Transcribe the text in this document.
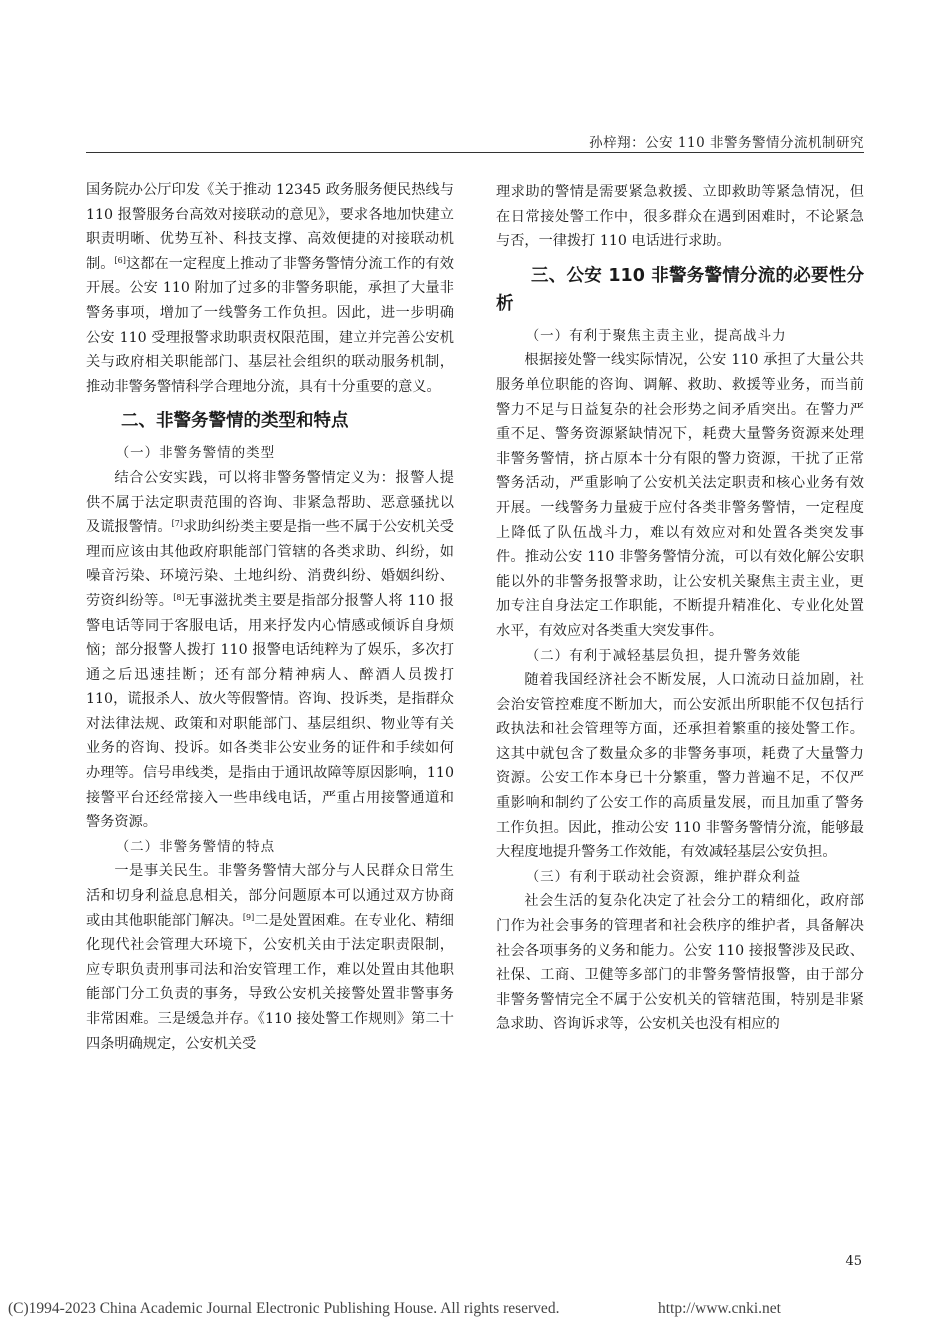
孙梓翔：公安 110 非警务警情分流机制研究

国务院办公厅印发《关于推动 12345 政务服务便民热线与 110 报警服务台高效对接联动的意见》，要求各地加快建立职责明晰、优势互补、科技支撑、高效便捷的对接联动机制。[6]这都在一定程度上推动了非警务警情分流工作的有效开展。公安 110 附加了过多的非警务职能，承担了大量非警务事项，增加了一线警务工作负担。因此，进一步明确公安 110 受理报警求助职责权限范围，建立并完善公安机关与政府相关职能部门、基层社会组织的联动服务机制，推动非警务警情科学合理地分流，具有十分重要的意义。

二、非警务警情的类型和特点
（一）非警务警情的类型

结合公安实践，可以将非警务警情定义为：报警人提供不属于法定职责范围的咨询、非紧急帮助、恶意骚扰以及谎报警情。[7]求助纠纷类主要是指一些不属于公安机关受理而应该由其他政府职能部门管辖的各类求助、纠纷，如噪音污染、环境污染、土地纠纷、消费纠纷、婚姻纠纷、劳资纠纷等。[8]无事滋扰类主要是指部分报警人将 110 报警电话等同于客服电话，用来抒发内心情感或倾诉自身烦恼；部分报警人拨打 110 报警电话纯粹为了娱乐，多次打通之后迅速挂断；还有部分精神病人、醉酒人员拨打 110，谎报杀人、放火等假警情。咨询、投诉类，是指群众对法律法规、政策和对职能部门、基层组织、物业等有关业务的咨询、投诉。如各类非公安业务的证件和手续如何办理等。信号串线类，是指由于通讯故障等原因影响，110 接警平台还经常接入一些串线电话，严重占用接警通道和警务资源。

（二）非警务警情的特点

一是事关民生。非警务警情大部分与人民群众日常生活和切身利益息息相关，部分问题原本可以通过双方协商或由其他职能部门解决。[9]二是处置困难。在专业化、精细化现代社会管理大环境下，公安机关由于法定职责限制，应专职负责刑事司法和治安管理工作，难以处置由其他职能部门分工负责的事务，导致公安机关接警处置非警事务非常困难。三是缓急并存。《110 接处警工作规则》第二十四条明确规定，公安机关受

理求助的警情是需要紧急救援、立即救助等紧急情况，但在日常接处警工作中，很多群众在遇到困难时，不论紧急与否，一律拨打 110 电话进行求助。

三、公安 110 非警务警情分流的必要性分析
（一）有利于聚焦主责主业，提高战斗力

根据接处警一线实际情况，公安 110 承担了大量公共服务单位职能的咨询、调解、救助、救援等业务，而当前警力不足与日益复杂的社会形势之间矛盾突出。在警力严重不足、警务资源紧缺情况下，耗费大量警务资源来处理非警务警情，挤占原本十分有限的警力资源，干扰了正常警务活动，严重影响了公安机关法定职责和核心业务有效开展。一线警务力量疲于应付各类非警务警情，一定程度上降低了队伍战斗力，难以有效应对和处置各类突发事件。推动公安 110 非警务警情分流，可以有效化解公安职能以外的非警务报警求助，让公安机关聚焦主责主业，更加专注自身法定工作职能，不断提升精准化、专业化处置水平，有效应对各类重大突发事件。

（二）有利于减轻基层负担，提升警务效能

随着我国经济社会不断发展，人口流动日益加剧，社会治安管控难度不断加大，而公安派出所职能不仅包括行政执法和社会管理等方面，还承担着繁重的接处警工作。这其中就包含了数量众多的非警务事项，耗费了大量警力资源。公安工作本身已十分繁重，警力普遍不足，不仅严重影响和制约了公安工作的高质量发展，而且加重了警务工作负担。因此，推动公安 110 非警务警情分流，能够最大程度地提升警务工作效能，有效减轻基层公安负担。

（三）有利于联动社会资源，维护群众利益

社会生活的复杂化决定了社会分工的精细化，政府部门作为社会事务的管理者和社会秩序的维护者，具备解决社会各项事务的义务和能力。公安 110 接报警涉及民政、社保、工商、卫健等多部门的非警务警情报警，由于部分非警务警情完全不属于公安机关的管辖范围，特别是非紧急求助、咨询诉求等，公安机关也没有相应的

45
(C)1994-2023 China Academic Journal Electronic Publishing House. All rights reserved.	http://www.cnki.net
